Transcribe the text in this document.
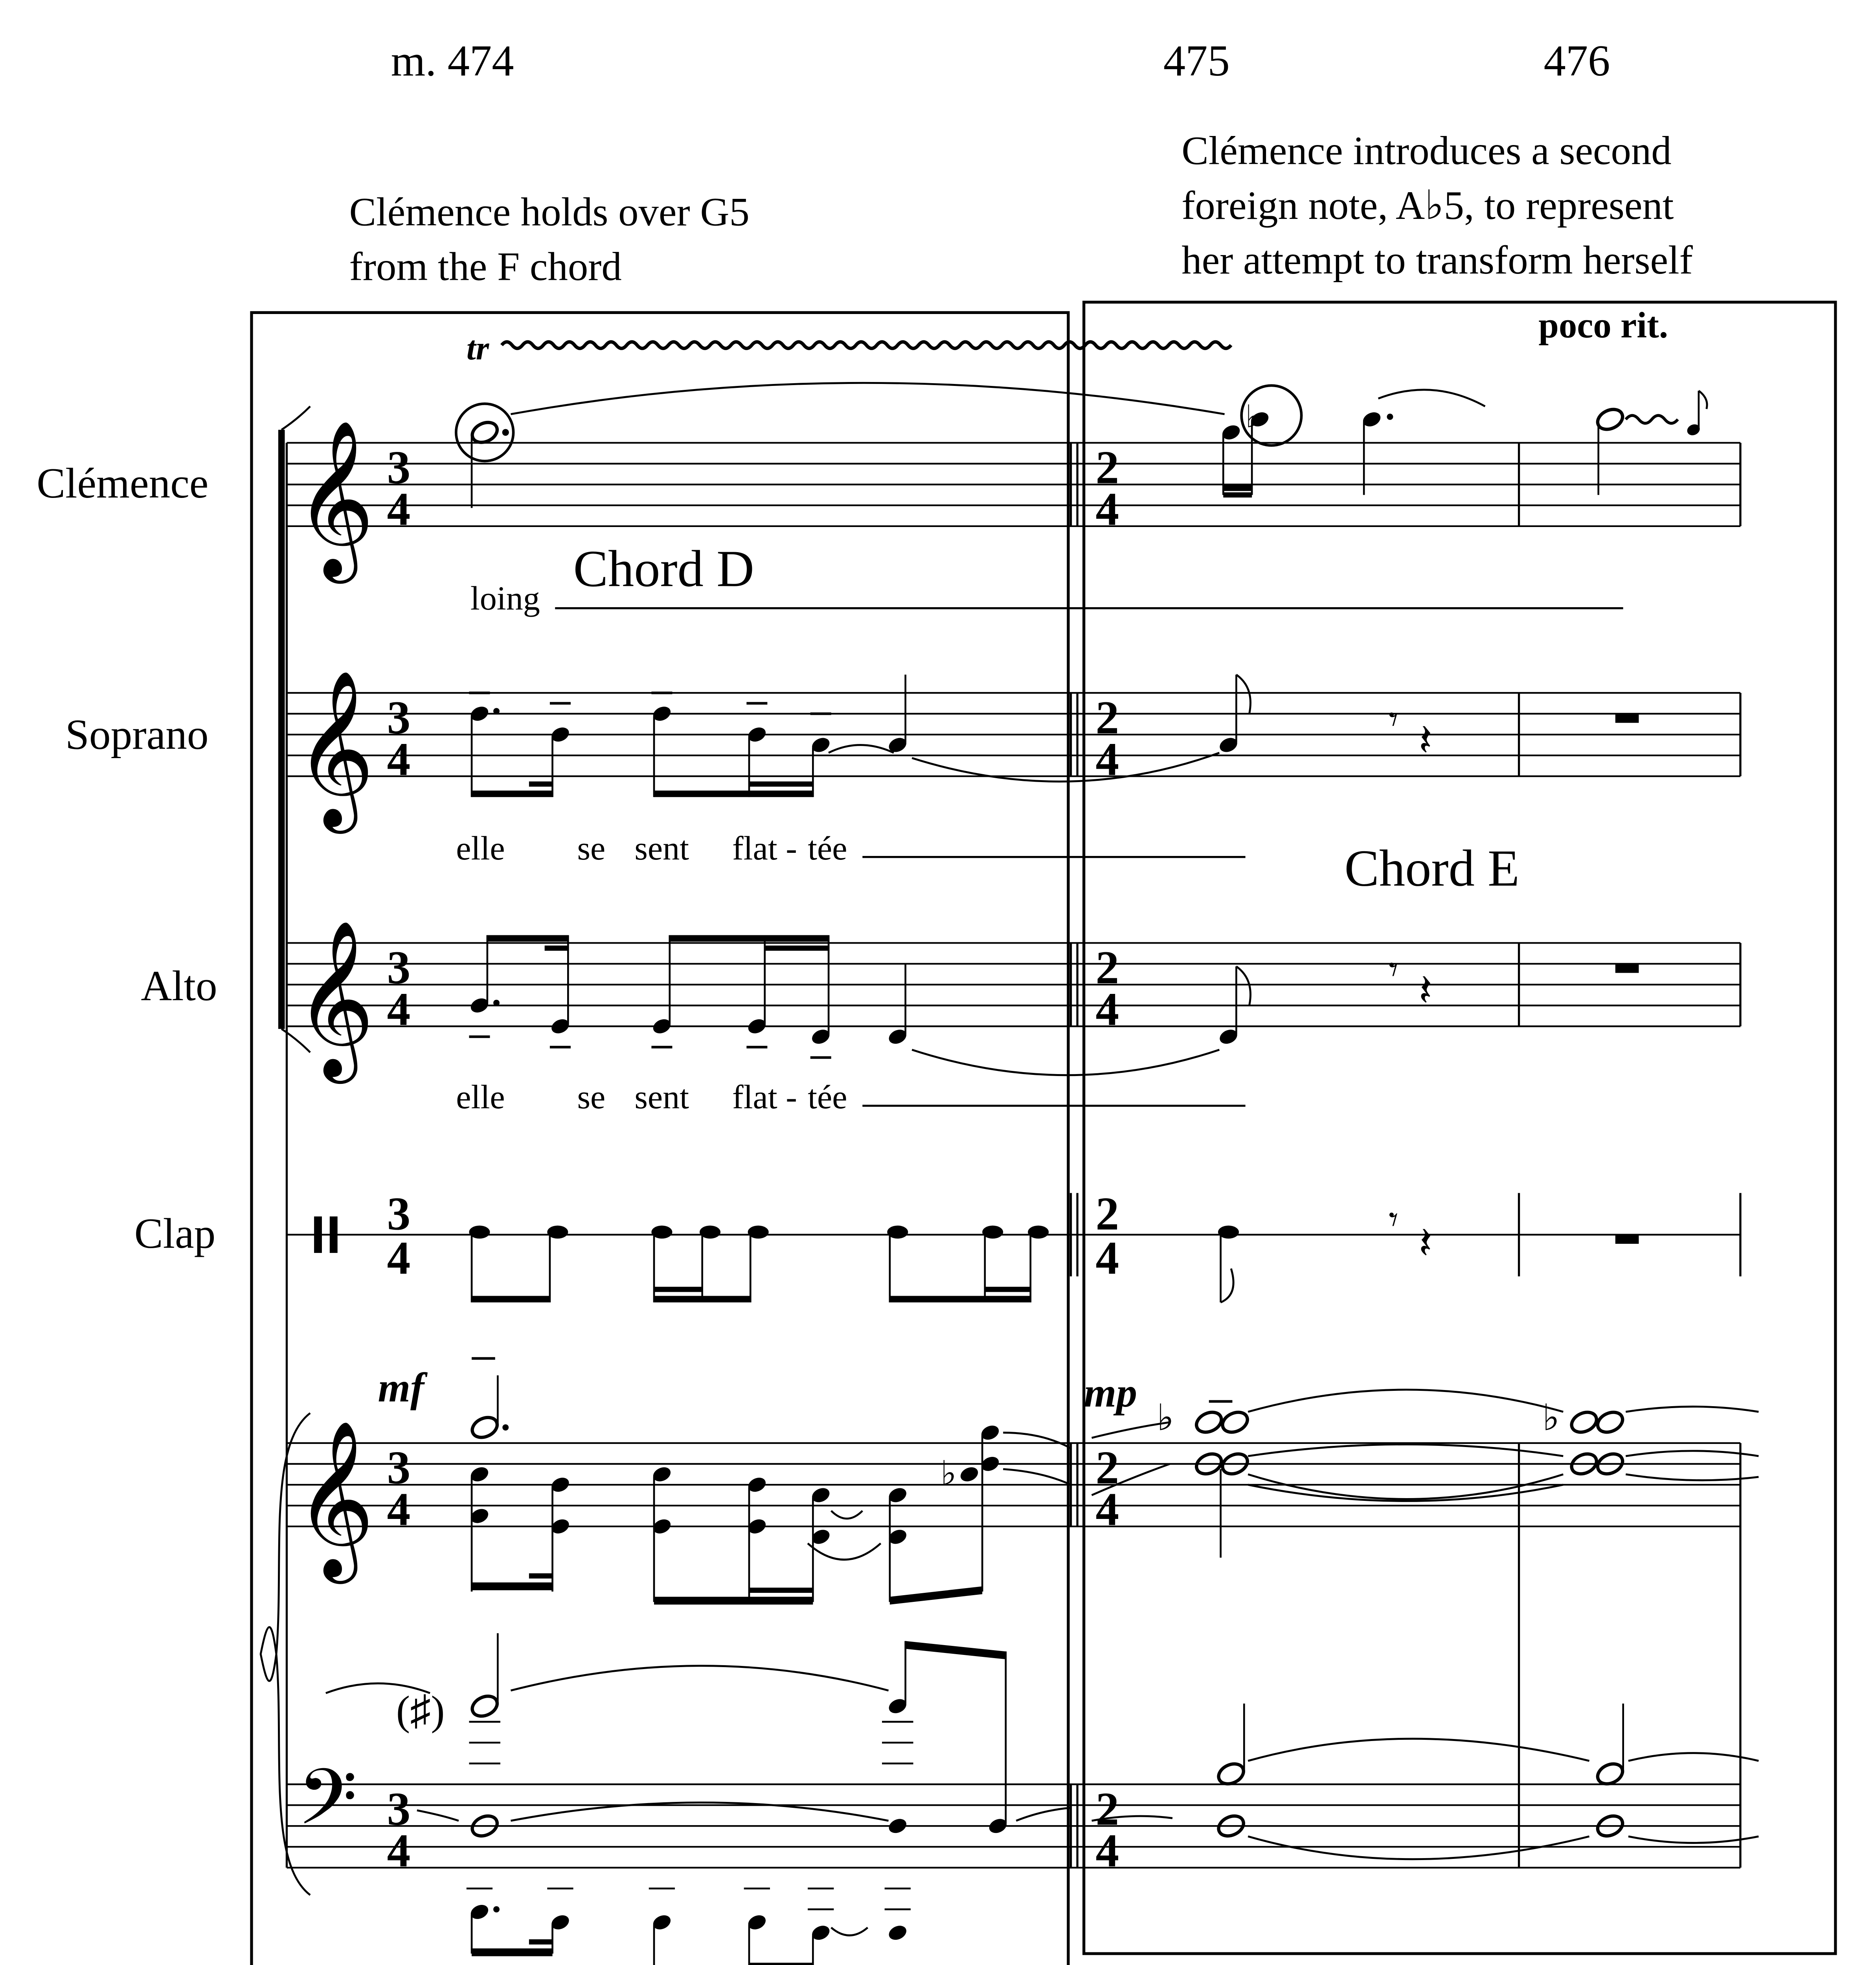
m. 474	475	476
Clémence holds over G5
from the F chord
Clémence introduces a second
foreign note, A♭5, to represent
her attempt to transform herself
Clémence
Soprano
Alto
Clap
𝄞
𝄞
𝄞
𝄞
𝄢
3
4
3
4
3
4
3
4
3
4
3
4
2
4
2
4
2
4
2
4
2
4
2
4
tr
♭
poco rit.
loing
Chord D
𝄾 𝄽
elle	se	sent	flat - tée	Chord E
𝄾 𝄽
elle	se	sent	flat - tée
𝄾 𝄽
mf
♭
mp
♭	♭
(♯)
